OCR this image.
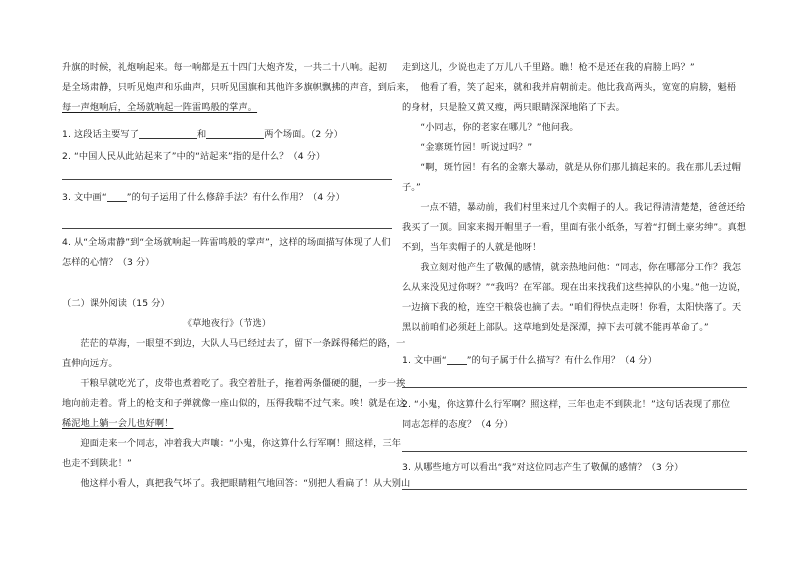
升旗的时候，礼炮响起来。每一响都是五十四门大炮齐发，一共二十八响。起初
是全场肃静，只听见炮声和乐曲声，只听见国旗和其他许多旗帜飘拂的声音，到后来，
每一声炮响后，全场就响起一阵雷鸣般的掌声。
1. 这段话主要写了	和	两个场面。（2 分）
2. “中国人民从此站起来了”中的“站起来”指的是什么？（4 分）
3. 文中画“ ”的句子运用了什么修辞手法？有什么作用？（4 分）
4. 从“全场肃静”到“全场就响起一阵雷鸣般的掌声”，这样的场面描写体现了人们
怎样的心情？（3 分）
（二）课外阅读（15 分）
《草地夜行》（节选）
茫茫的草海，一眼望不到边，大队人马已经过去了，留下一条踩得稀烂的路，一
直伸向远方。
干粮早就吃光了，皮带也煮着吃了。我空着肚子，拖着两条僵硬的腿，一步一挨
地向前走着。背上的枪支和子弹就像一座山似的，压得我喘不过气来。唉！就是在这
稀泥地上躺一会儿也好啊！
迎面走来一个同志，冲着我大声嚷：“小鬼，你这算什么行军啊！照这样，三年
也走不到陕北！”
他这样小看人，真把我气坏了。我把眼睛粗气地回答：“别把人看扁了！从大别山
走到这儿，少说也走了万儿八千里路。瞧！枪不是还在我的肩膀上吗？”
他看了看，笑了起来，就和我并肩朝前走。他比我高两头，宽宽的肩膀，魁梧
的身材，只是脸又黄又瘦，两只眼睛深深地陷了下去。
“小同志，你的老家在哪儿？”他问我。
“金寨斑竹园！听说过吗？”
“啊，斑竹园！有名的金寨大暴动，就是从你们那儿搞起来的。我在那儿丢过帽
子。”
一点不错，暴动前，我们村里来过几个卖帽子的人。我记得清清楚楚，爸爸还给
我买了一顶。回家来揭开帽里子一看，里面有张小纸条，写着“打倒土豪劣绅”。真想
不到，当年卖帽子的人就是他呀！
我立刻对他产生了敬佩的感情，就亲热地问他：“同志，你在哪部分工作？我怎
么从来没见过你呀？”“我吗？在军部。现在出来找我们这些掉队的小鬼。”他一边说，
一边摘下我的枪，连空干粮袋也摘了去。“咱们得快点走呀！你看，太阳快落了。天
黑以前咱们必须赶上部队。这草地到处是深潭，掉下去可就不能再革命了。”
1. 文中画“ ”的句子属于什么描写？有什么作用？（4 分）
2. “小鬼，你这算什么行军啊？照这样，三年也走不到陕北！”这句话表现了那位
同志怎样的态度？（4 分）
3. 从哪些地方可以看出“我”对这位同志产生了敬佩的感情？（3 分）
